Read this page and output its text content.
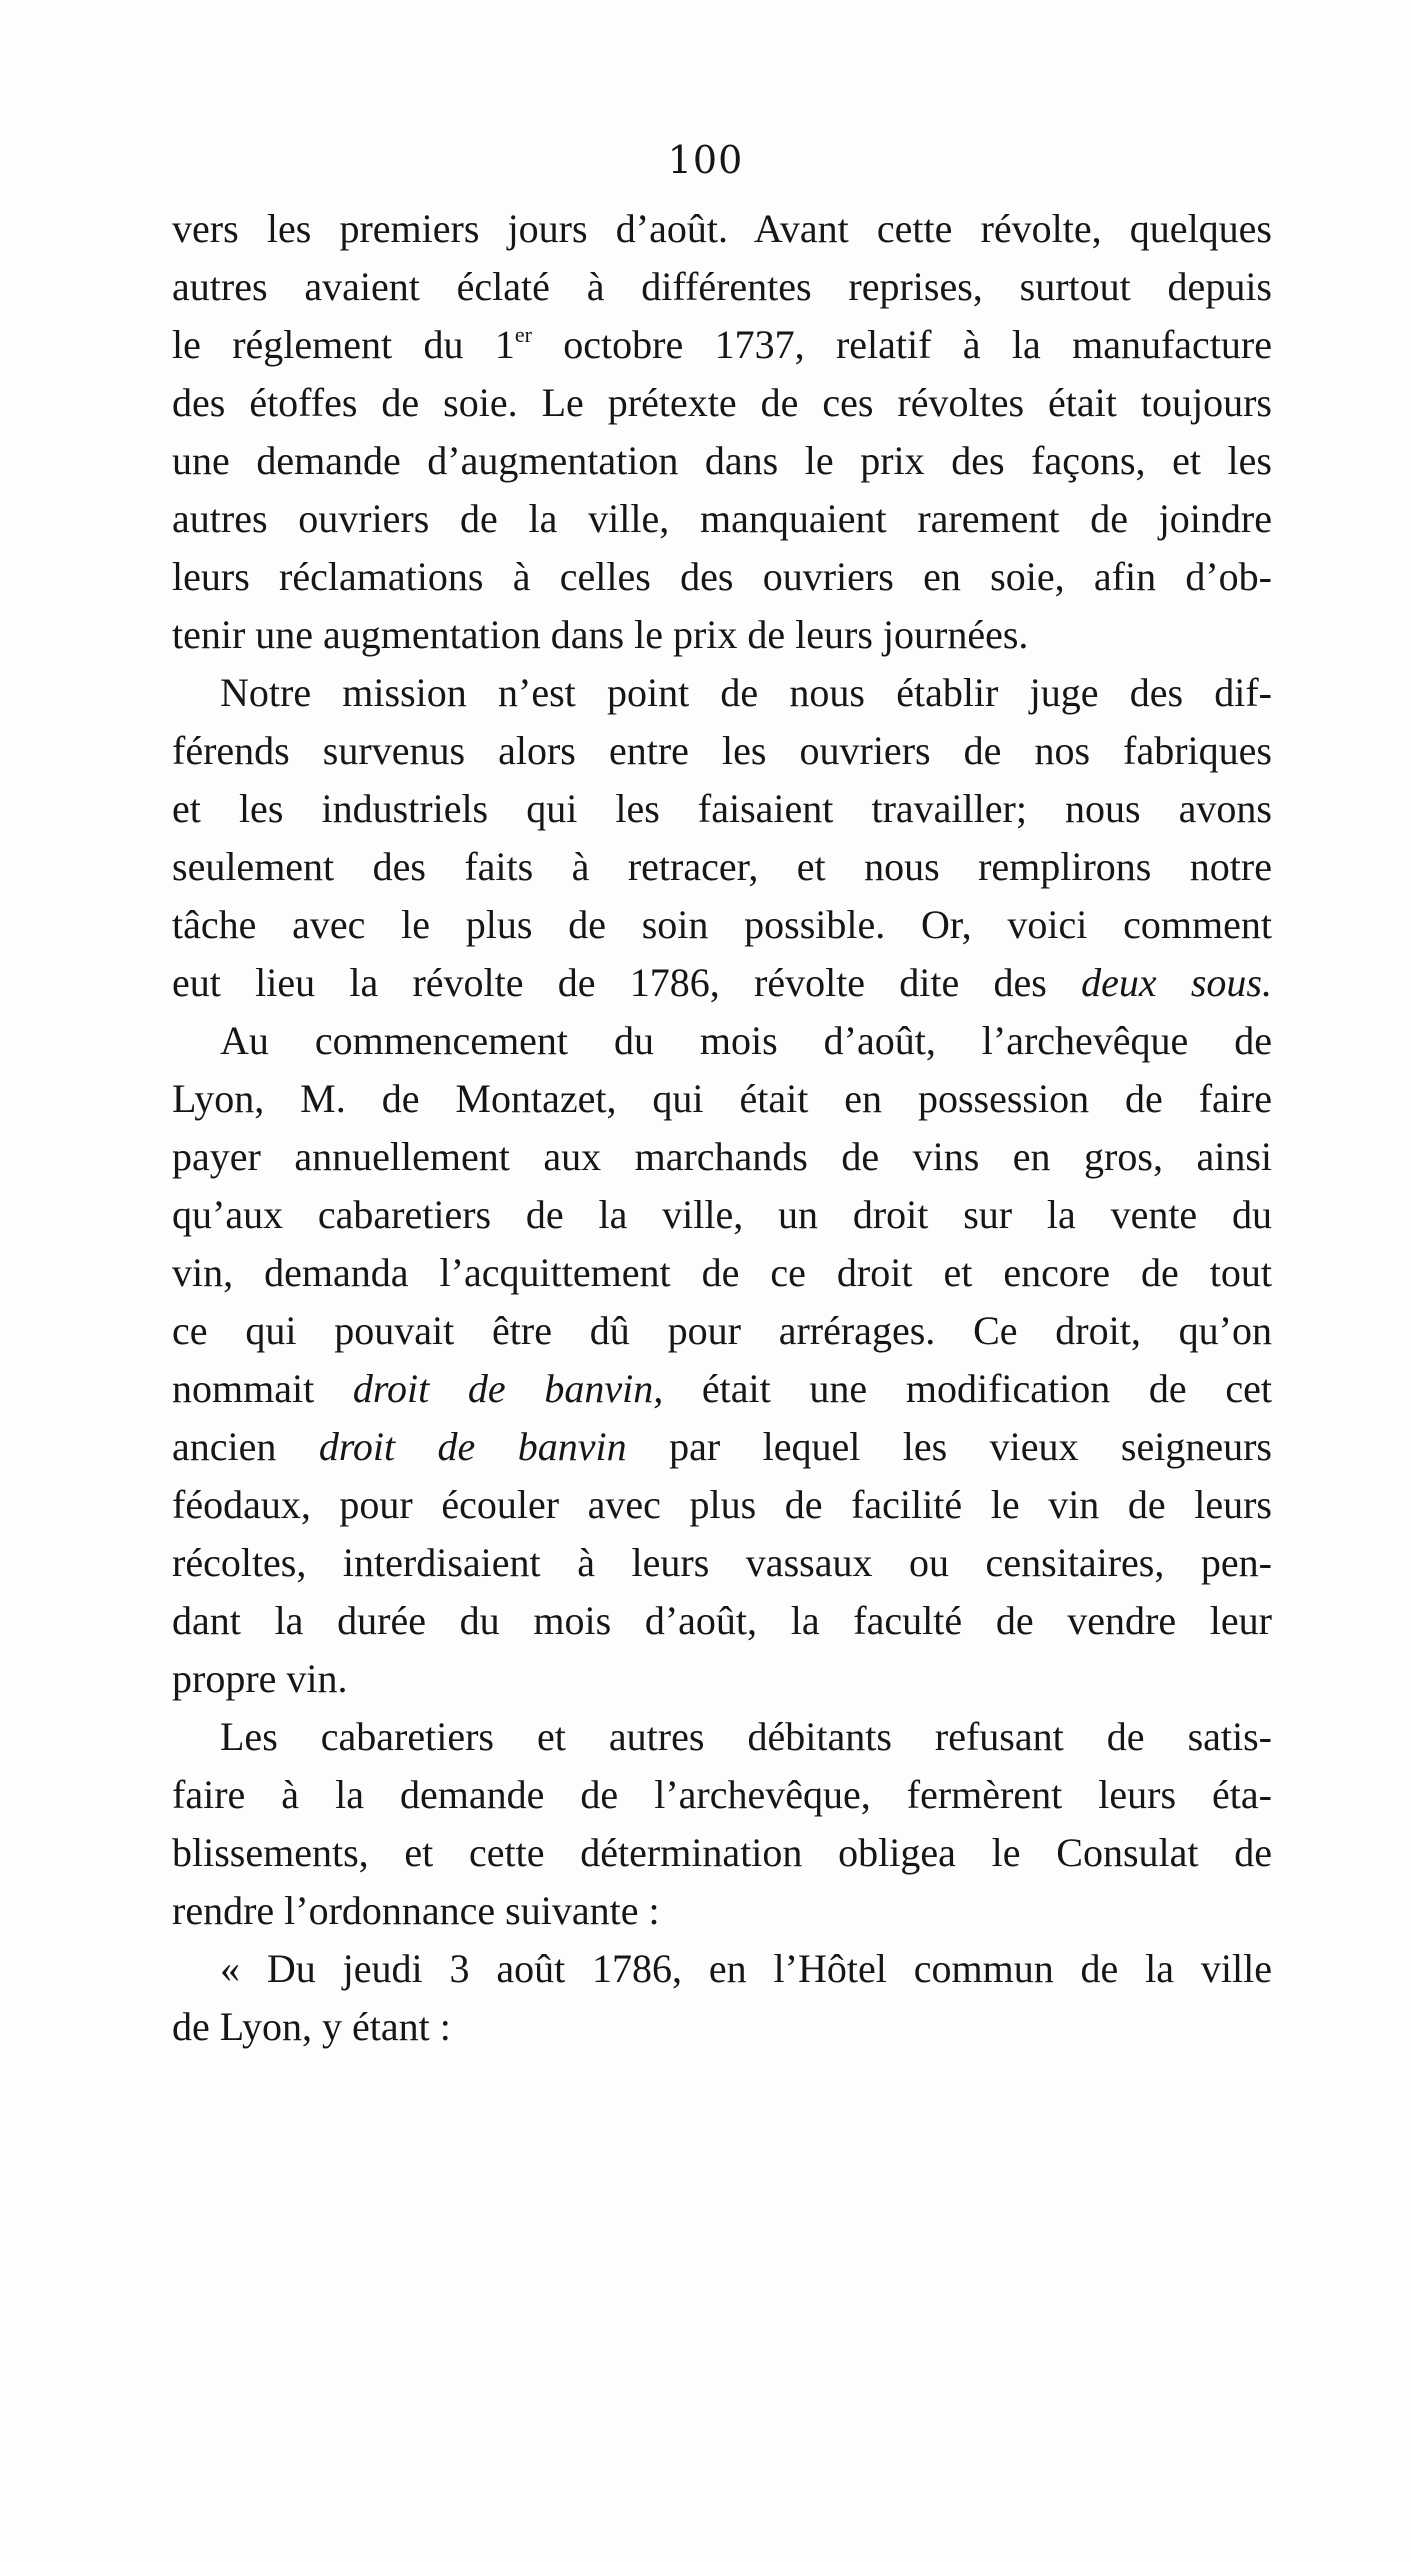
100
vers les premiers jours d’août. Avant cette révolte, quelques
autres avaient éclaté à différentes reprises, surtout depuis
le réglement du 1er octobre 1737, relatif à la manufacture
des étoffes de soie. Le prétexte de ces révoltes était toujours
une demande d’augmentation dans le prix des façons, et les
autres ouvriers de la ville, manquaient rarement de joindre
leurs réclamations à celles des ouvriers en soie, afin d’ob-
tenir une augmentation dans le prix de leurs journées.
Notre mission n’est point de nous établir juge des dif-
férends survenus alors entre les ouvriers de nos fabriques
et les industriels qui les faisaient travailler; nous avons
seulement des faits à retracer, et nous remplirons notre
tâche avec le plus de soin possible. Or, voici comment
eut lieu la révolte de 1786, révolte dite des deux sous.
Au commencement du mois d’août, l’archevêque de
Lyon, M. de Montazet, qui était en possession de faire
payer annuellement aux marchands de vins en gros, ainsi
qu’aux cabaretiers de la ville, un droit sur la vente du
vin, demanda l’acquittement de ce droit et encore de tout
ce qui pouvait être dû pour arrérages. Ce droit, qu’on
nommait droit de banvin, était une modification de cet
ancien droit de banvin par lequel les vieux seigneurs
féodaux, pour écouler avec plus de facilité le vin de leurs
récoltes, interdisaient à leurs vassaux ou censitaires, pen-
dant la durée du mois d’août, la faculté de vendre leur
propre vin.
Les cabaretiers et autres débitants refusant de satis-
faire à la demande de l’archevêque, fermèrent leurs éta-
blissements, et cette détermination obligea le Consulat de
rendre l’ordonnance suivante :
« Du jeudi 3 août 1786, en l’Hôtel commun de la ville
de Lyon, y étant :
